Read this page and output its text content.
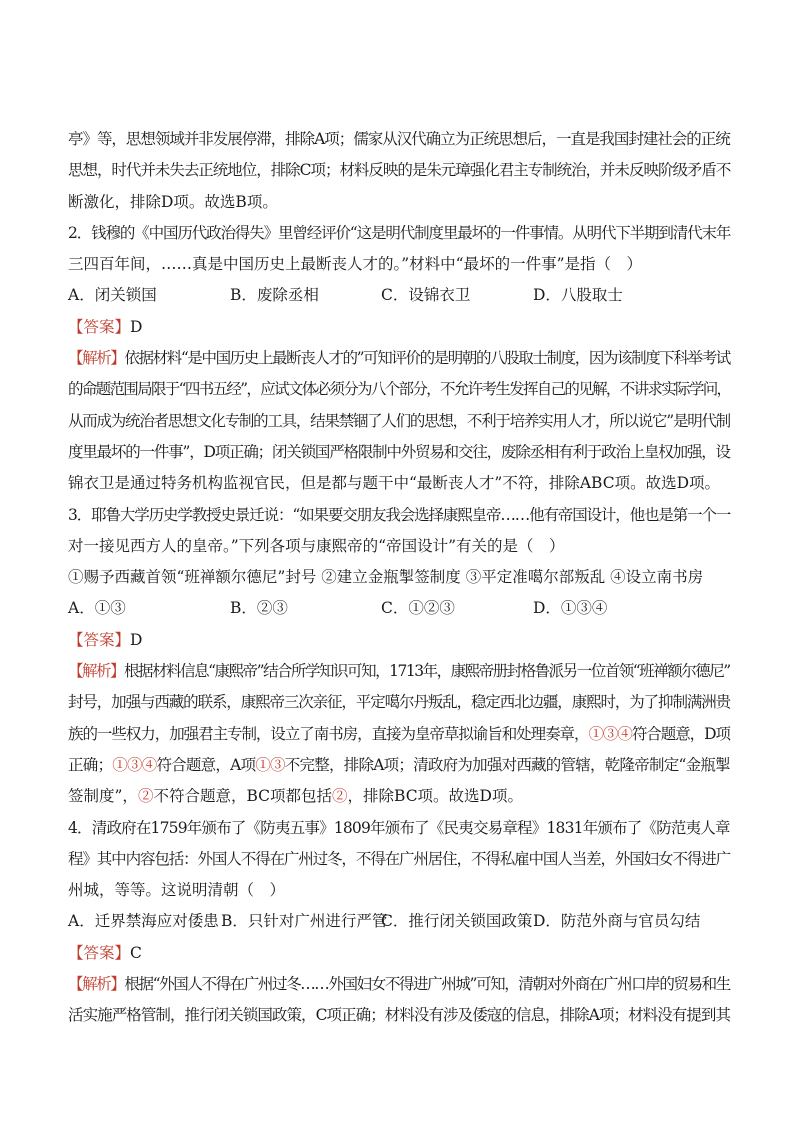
亭》等，思想领域并非发展停滞，排除A项；儒家从汉代确立为正统思想后，一直是我国封建社会的正统
思想，时代并未失去正统地位，排除C项；材料反映的是朱元璋强化君主专制统治，并未反映阶级矛盾不
断激化，排除D项。故选B项。
2．钱穆的《中国历代政治得失》里曾经评价“这是明代制度里最坏的一件事情。从明代下半期到清代末年
三四百年间，……真是中国历史上最断丧人才的。”材料中“最坏的一件事”是指（　）
A．闭关锁国	B．废除丞相	C．设锦衣卫	D．八股取士
【答案】D
【解析】依据材料“是中国历史上最断丧人才的”可知评价的是明朝的八股取士制度，因为该制度下科举考试
的命题范围局限于“四书五经”，应试文体必须分为八个部分，不允许考生发挥自己的见解，不讲求实际学问，
从而成为统治者思想文化专制的工具，结果禁锢了人们的思想，不利于培养实用人才，所以说它”是明代制
度里最坏的一件事”，D项正确；闭关锁国严格限制中外贸易和交往，废除丞相有利于政治上皇权加强，设
锦衣卫是通过特务机构监视官民，但是都与题干中“最断丧人才”不符，排除ABC项。故选D项。
3．耶鲁大学历史学教授史景迁说：“如果要交朋友我会选择康熙皇帝……他有帝国设计，他也是第一个一
对一接见西方人的皇帝。”下列各项与康熙帝的“帝国设计”有关的是（　）
①赐予西藏首领“班禅额尔德尼”封号 ②建立金瓶掣签制度 ③平定准噶尔部叛乱 ④设立南书房
A．①③	B．②③	C．①②③	D．①③④
【答案】D
【解析】根据材料信息“康熙帝”结合所学知识可知，1713年，康熙帝册封格鲁派另一位首领“班禅额尔德尼”
封号，加强与西藏的联系，康熙帝三次亲征，平定噶尔丹叛乱，稳定西北边疆，康熙时，为了抑制满洲贵
族的一些权力，加强君主专制，设立了南书房，直接为皇帝草拟谕旨和处理奏章，①③④符合题意，D项
正确；①③④符合题意，A项①③不完整，排除A项；清政府为加强对西藏的管辖，乾隆帝制定“金瓶掣
签制度”，②不符合题意，BC项都包括②，排除BC项。故选D项。
4．清政府在1759年颁布了《防夷五事》1809年颁布了《民夷交易章程》1831年颁布了《防范夷人章
程》其中内容包括：外国人不得在广州过冬，不得在广州居住，不得私雇中国人当差，外国妇女不得进广
州城，等等。这说明清朝（　）
A．迁界禁海应对倭患 B．只针对广州进行严管
C．推行闭关锁国政策 D．防范外商与官员勾结
【答案】C
【解析】根据“外国人不得在广州过冬……外国妇女不得进广州城”可知，清朝对外商在广州口岸的贸易和生
活实施严格管制，推行闭关锁国政策，C项正确；材料没有涉及倭寇的信息，排除A项；材料没有提到其
